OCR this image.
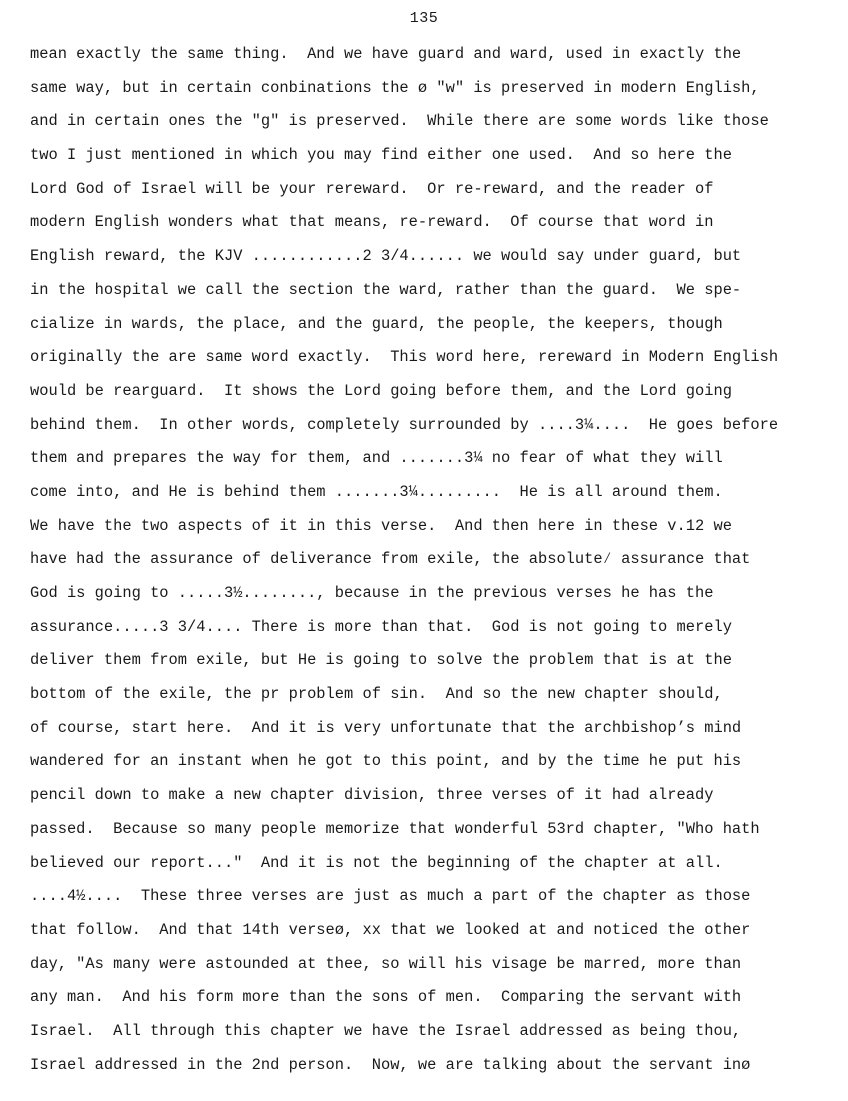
135
mean exactly the same thing.  And we have guard and ward, used in exactly the
same way, but in certain conbinations the ø "w" is preserved in modern English,
and in certain ones the "g" is preserved.  While there are some words like those
two I just mentioned in which you may find either one used.  And so here the
Lord God of Israel will be your rereward.  Or re-reward, and the reader of
modern English wonders what that means, re-reward.  Of course that word in
English reward, the KJV ............2 3/4...... we would say under guard, but
in the hospital we call the section the ward, rather than the guard.  We spe-
cialize in wards, the place, and the guard, the people, the keepers, though
originally the are same word exactly.  This word here, rereward in Modern English
would be rearguard.  It shows the Lord going before them, and the Lord going
behind them.  In other words, completely surrounded by ....3¼....  He goes before
them and prepares the way for them, and .......3¼ no fear of what they will
come into, and He is behind them .......3¼.........  He is all around them.
We have the two aspects of it in this verse.  And then here in these v.12 we
have had the assurance of deliverance from exile, the absolute⁄ assurance that
God is going to .....3½........, because in the previous verses he has the
assurance.....3 3/4.... There is more than that.  God is not going to merely
deliver them from exile, but He is going to solve the problem that is at the
bottom of the exile, the pr problem of sin.  And so the new chapter should,
of course, start here.  And it is very unfortunate that the archbishop’s mind
wandered for an instant when he got to this point, and by the time he put his
pencil down to make a new chapter division, three verses of it had already
passed.  Because so many people memorize that wonderful 53rd chapter, "Who hath
believed our report..."  And it is not the beginning of the chapter at all.
....4½....  These three verses are just as much a part of the chapter as those
that follow.  And that 14th verseø, xx that we looked at and noticed the other
day, "As many were astounded at thee, so will his visage be marred, more than
any man.  And his form more than the sons of men.  Comparing the servant with
Israel.  All through this chapter we have the Israel addressed as being thou,
Israel addressed in the 2nd person.  Now, we are talking about the servant inø
